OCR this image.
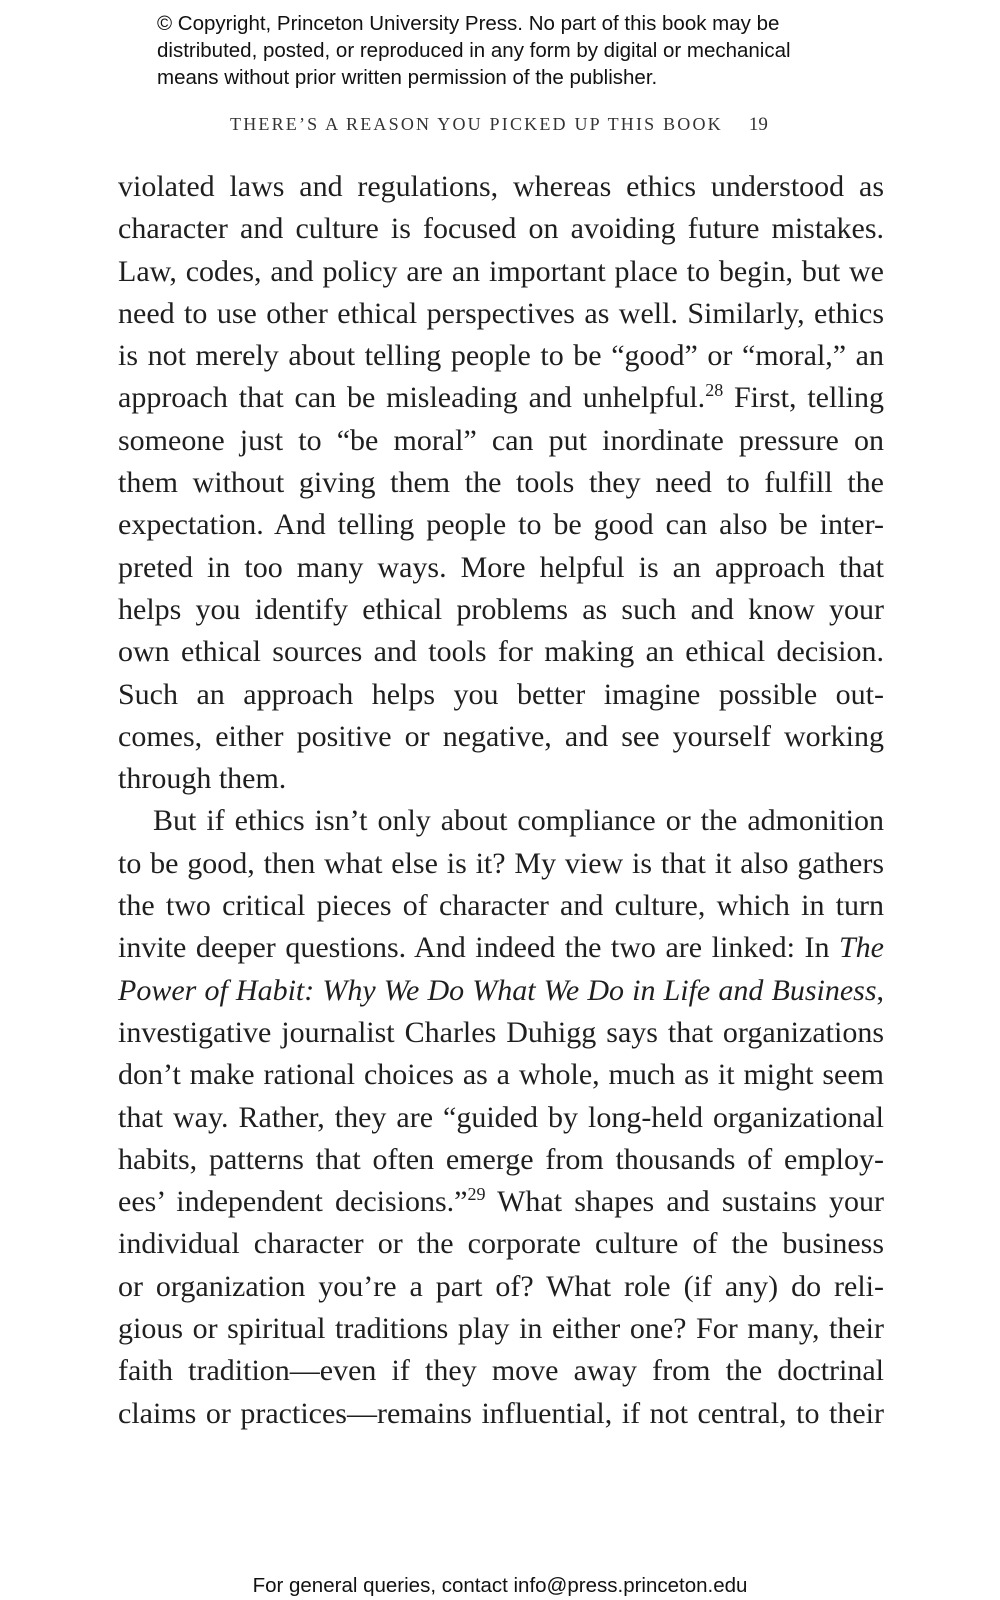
© Copyright, Princeton University Press. No part of this book may be
distributed, posted, or reproduced in any form by digital or mechanical
means without prior written permission of the publisher.
THERE’S A REASON YOU PICKED UP THIS BOOK 19
violated laws and regulations, whereas ethics understood as
character and culture is focused on avoiding future mistakes.
Law, codes, and policy are an important place to begin, but we
need to use other ethical perspectives as well. Similarly, ethics
is not merely about telling people to be “good” or “moral,” an
approach that can be misleading and unhelpful.$^{28}$ First, telling
someone just to “be moral” can put inordinate pressure on
them without giving them the tools they need to fulfill the
expectation. And telling people to be good can also be inter-
preted in too many ways. More helpful is an approach that
helps you identify ethical problems as such and know your
own ethical sources and tools for making an ethical decision.
Such an approach helps you better imagine possible out-
comes, either positive or negative, and see yourself working
through them.
But if ethics isn’t only about compliance or the admonition
to be good, then what else is it? My view is that it also gathers
the two critical pieces of character and culture, which in turn
invite deeper questions. And indeed the two are linked: In The
Power of Habit: Why We Do What We Do in Life and Business,
investigative journalist Charles Duhigg says that organizations
don’t make rational choices as a whole, much as it might seem
that way. Rather, they are “guided by long-held organizational
habits, patterns that often emerge from thousands of employ-
ees’ independent decisions.”$^{29}$ What shapes and sustains your
individual character or the corporate culture of the business
or organization you’re a part of? What role (if any) do reli-
gious or spiritual traditions play in either one? For many, their
faith tradition—even if they move away from the doctrinal
claims or practices—remains influential, if not central, to their
For general queries, contact info@press.princeton.edu
